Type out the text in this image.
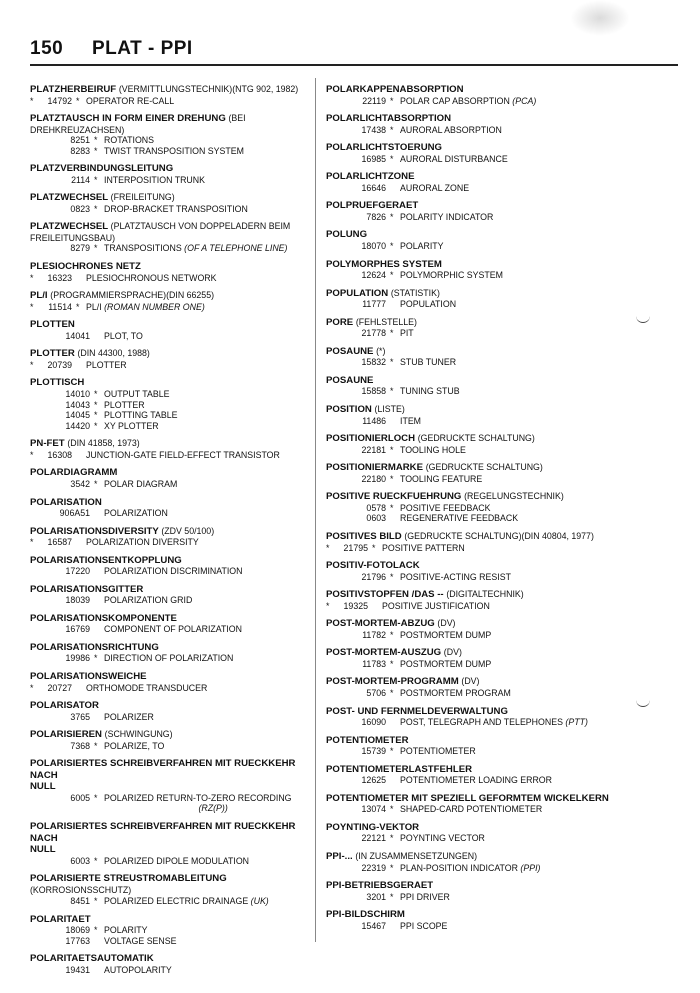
150 PLAT - PPI
PLATZHERBEIRUF (VERMITTLUNGSTECHNIK)(NTG 902, 1982)
* 14792 * OPERATOR RE-CALL
PLATZTAUSCH IN FORM EINER DREHUNG (BEI
DREHKREUZACHSEN)
8251 * ROTATIONS
8283 * TWIST TRANSPOSITION SYSTEM
PLATZVERBINDUNGSLEITUNG
2114 * INTERPOSITION TRUNK
PLATZWECHSEL (FREILEITUNG)
0823 * DROP-BRACKET TRANSPOSITION
PLATZWECHSEL (PLATZTAUSCH VON DOPPELADERN BEIM
FREILEITUNGSBAU)
8279 * TRANSPOSITIONS (OF A TELEPHONE LINE)
PLESIOCHRONES NETZ
* 16323 PLESIOCHRONOUS NETWORK
PL/I (PROGRAMMIERSPRACHE)(DIN 66255)
* 11514 * PL/I (ROMAN NUMBER ONE)
PLOTTEN
14041 PLOT, TO
PLOTTER (DIN 44300, 1988)
* 20739 PLOTTER
PLOTTISCH
14010 * OUTPUT TABLE
14043 * PLOTTER
14045 * PLOTTING TABLE
14420 * XY PLOTTER
PN-FET (DIN 41858, 1973)
* 16308 JUNCTION-GATE FIELD-EFFECT TRANSISTOR
POLARDIAGRAMM
3542 * POLAR DIAGRAM
POLARISATION
906A51 POLARIZATION
POLARISATIONSDIVERSITY (ZDV 50/100)
* 16587 POLARIZATION DIVERSITY
POLARISATIONSENTKOPPLUNG
17220 POLARIZATION DISCRIMINATION
POLARISATIONSGITTER
18039 POLARIZATION GRID
POLARISATIONSKOMPONENTE
16769 COMPONENT OF POLARIZATION
POLARISATIONSRICHTUNG
19986 * DIRECTION OF POLARIZATION
POLARISATIONSWEICHE
* 20727 ORTHOMODE TRANSDUCER
POLARISATOR
3765 POLARIZER
POLARISIEREN (SCHWINGUNG)
7368 * POLARIZE, TO
POLARISIERTES SCHREIBVERFAHREN MIT RUECKKEHR NACH
NULL
6005 * POLARIZED RETURN-TO-ZERO RECORDING
(RZ(P))
POLARISIERTES SCHREIBVERFAHREN MIT RUECKKEHR NACH
NULL
6003 * POLARIZED DIPOLE MODULATION
POLARISIERTE STREUSTROMABLEITUNG (KORROSIONSSCHUTZ)
8451 * POLARIZED ELECTRIC DRAINAGE (UK)
POLARITAET
18069 * POLARITY
17763 VOLTAGE SENSE
POLARITAETSAUTOMATIK
19431 AUTOPOLARITY
POLARKAPPENABSORPTION
22119 * POLAR CAP ABSORPTION (PCA)
POLARLICHTABSORPTION
17438 * AURORAL ABSORPTION
POLARLICHTSTOERUNG
16985 * AURORAL DISTURBANCE
POLARLICHTZONE
16646 AURORAL ZONE
POLPRUEFGERAET
7826 * POLARITY INDICATOR
POLUNG
18070 * POLARITY
POLYMORPHES SYSTEM
12624 * POLYMORPHIC SYSTEM
POPULATION (STATISTIK)
11777 POPULATION
PORE (FEHLSTELLE)
21778 * PIT
POSAUNE (*)
15832 * STUB TUNER
POSAUNE
15858 * TUNING STUB
POSITION (LISTE)
11486 ITEM
POSITIONIERLOCH (GEDRUCKTE SCHALTUNG)
22181 * TOOLING HOLE
POSITIONIERMARKE (GEDRUCKTE SCHALTUNG)
22180 * TOOLING FEATURE
POSITIVE RUECKFUEHRUNG (REGELUNGSTECHNIK)
0578 * POSITIVE FEEDBACK
0603 REGENERATIVE FEEDBACK
POSITIVES BILD (GEDRUCKTE SCHALTUNG)(DIN 40804, 1977)
* 21795 * POSITIVE PATTERN
POSITIV-FOTOLACK
21796 * POSITIVE-ACTING RESIST
POSITIVSTOPFEN /DAS -- (DIGITALTECHNIK)
* 19325 POSITIVE JUSTIFICATION
POST-MORTEM-ABZUG (DV)
11782 * POSTMORTEM DUMP
POST-MORTEM-AUSZUG (DV)
11783 * POSTMORTEM DUMP
POST-MORTEM-PROGRAMM (DV)
5706 * POSTMORTEM PROGRAM
POST- UND FERNMELDEVERWALTUNG
16090 POST, TELEGRAPH AND TELEPHONES (PTT)
POTENTIOMETER
15739 * POTENTIOMETER
POTENTIOMETERLASTFEHLER
12625 POTENTIOMETER LOADING ERROR
POTENTIOMETER MIT SPEZIELL GEFORMTEM WICKELKERN
13074 * SHAPED-CARD POTENTIOMETER
POYNTING-VEKTOR
22121 * POYNTING VECTOR
PPI-... (IN ZUSAMMENSETZUNGEN)
22319 * PLAN-POSITION INDICATOR (PPI)
PPI-BETRIEBSGERAET
3201 * PPI DRIVER
PPI-BILDSCHIRM
15467 PPI SCOPE
